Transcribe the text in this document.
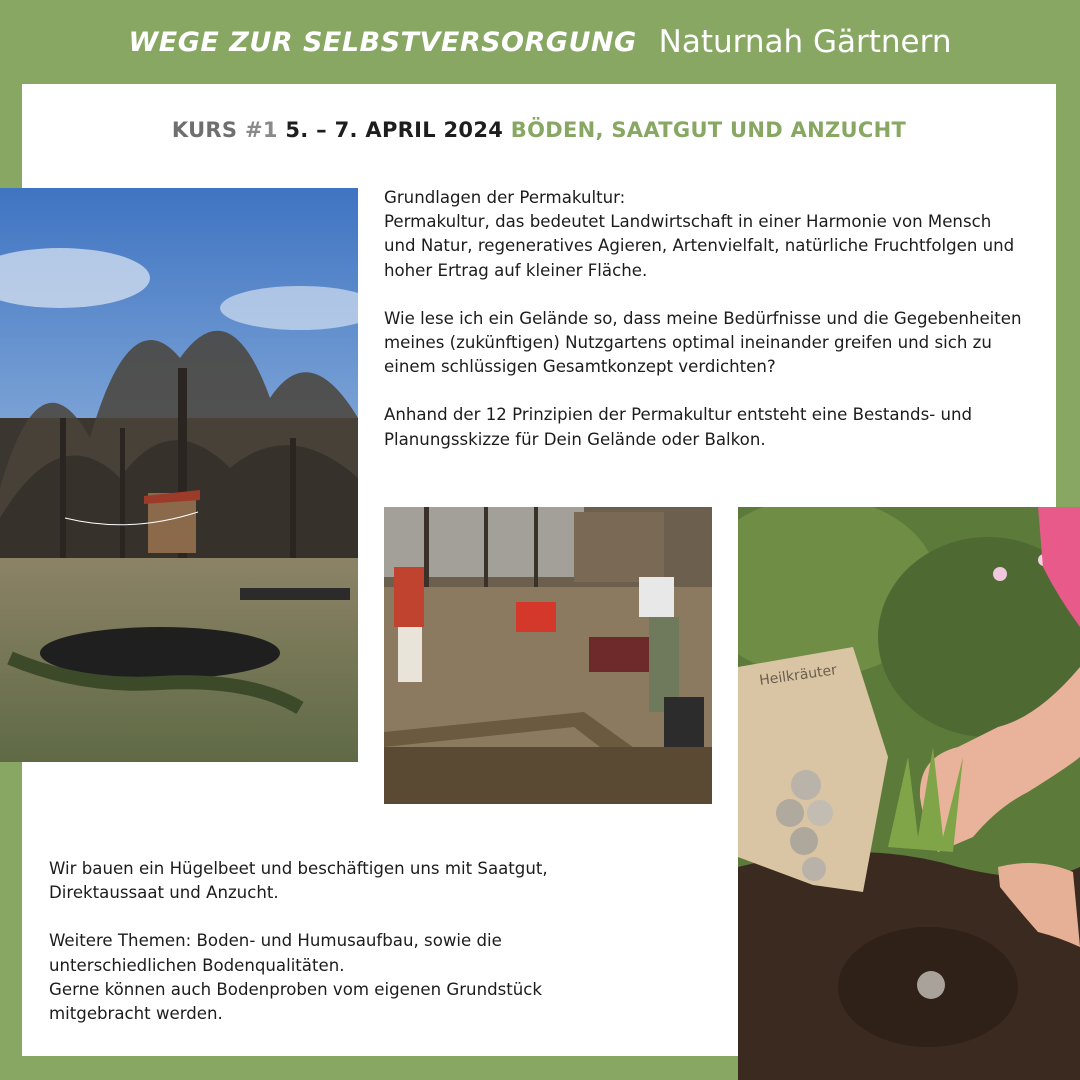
WEGE ZUR SELBSTVERSORGUNG Naturnah Gärtnern
KURS #1 5. – 7. APRIL 2024 BÖDEN, SAATGUT UND ANZUCHT

Grundlagen der Permakultur:
Permakultur, das bedeutet Landwirtschaft in einer Harmonie von Mensch und Natur, regeneratives Agieren, Artenvielfalt, natürliche Fruchtfolgen und hoher Ertrag auf kleiner Fläche.

Wie lese ich ein Gelände so, dass meine Bedürfnisse und die Gegebenheiten meines (zukünftigen) Nutzgartens optimal ineinander greifen und sich zu einem schlüssigen Gesamtkonzept verdichten?

Anhand der 12 Prinzipien der Permakultur entsteht eine Bestands- und Planungsskizze für Dein Gelände oder Balkon.

Heilkräuter

Wir bauen ein Hügelbeet und beschäftigen uns mit Saatgut, Direktaussaat und Anzucht.

Weitere Themen: Boden- und Humusaufbau, sowie die unterschiedlichen Bodenqualitäten.
Gerne können auch Bodenproben vom eigenen Grundstück mitgebracht werden.
